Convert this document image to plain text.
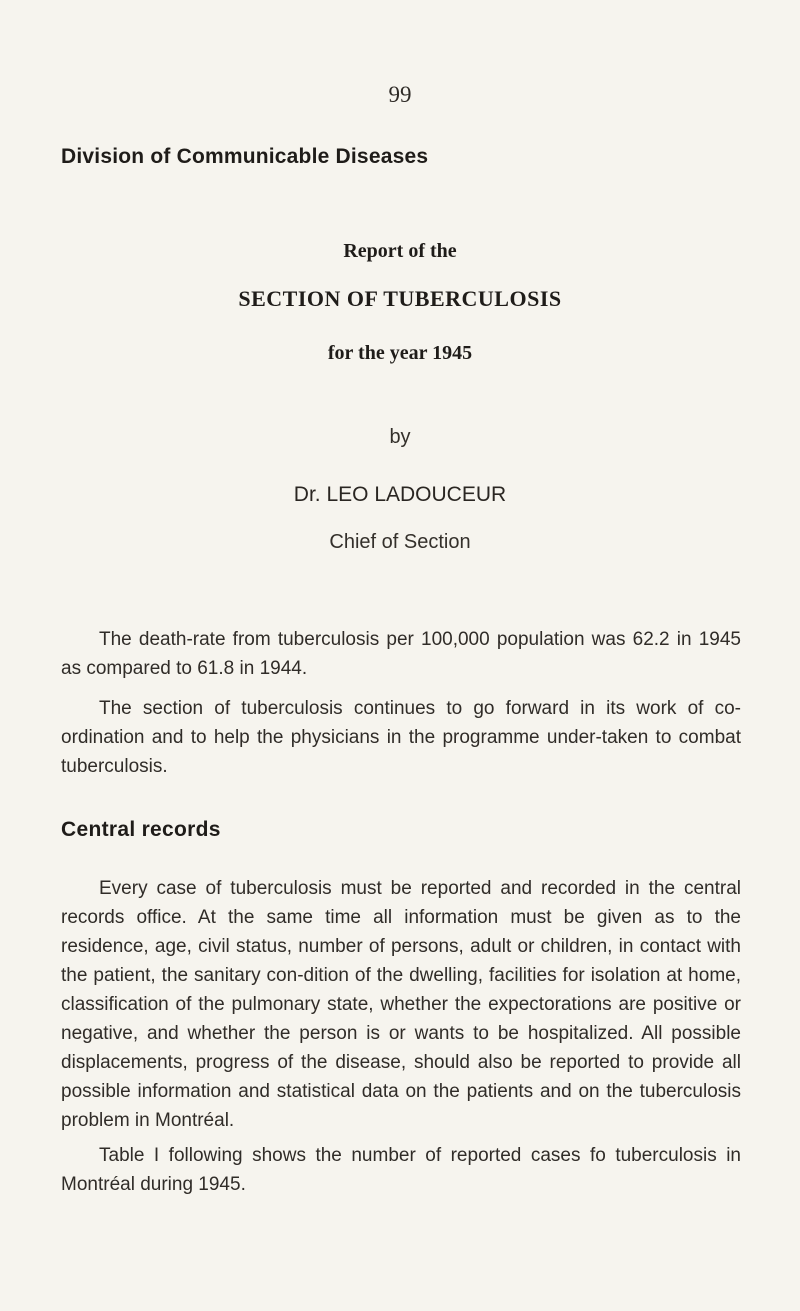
99
Division of Communicable Diseases
Report of the
SECTION OF TUBERCULOSIS
for the year 1945
by
Dr. LEO LADOUCEUR
Chief of Section

The death-rate from tuberculosis per 100,000 population was 62.2 in 1945 as compared to 61.8 in 1944.

The section of tuberculosis continues to go forward in its work of co-ordination and to help the physicians in the programme under-taken to combat tuberculosis.

Central records

Every case of tuberculosis must be reported and recorded in the central records office. At the same time all information must be given as to the residence, age, civil status, number of persons, adult or children, in contact with the patient, the sanitary con-dition of the dwelling, facilities for isolation at home, classification of the pulmonary state, whether the expectorations are positive or negative, and whether the person is or wants to be hospitalized. All possible displacements, progress of the disease, should also be reported to provide all possible information and statistical data on the patients and on the tuberculosis problem in Montréal.

Table I following shows the number of reported cases fo tuberculosis in Montréal during 1945.
